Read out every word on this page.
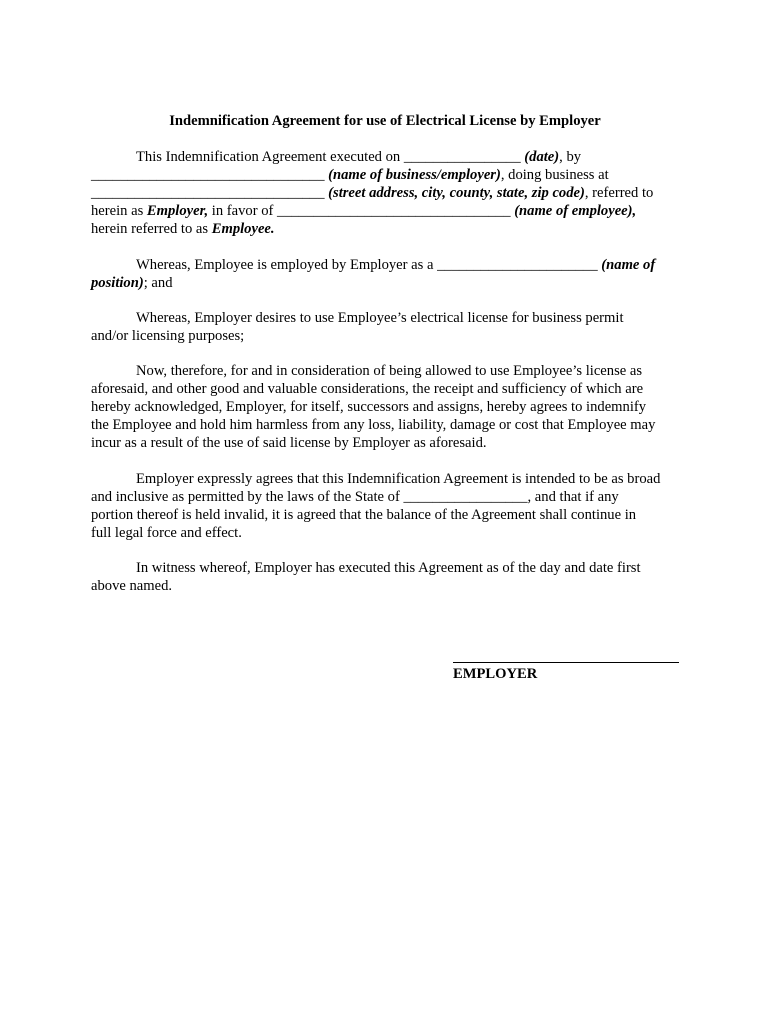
Indemnification Agreement for use of Electrical License by Employer
This Indemnification Agreement executed on ________________ (date), by
________________________________ (name of business/employer), doing business at
________________________________ (street address, city, county, state, zip code), referred to
herein as Employer, in favor of ________________________________ (name of employee),
herein referred to as Employee.
Whereas, Employee is employed by Employer as a ______________________ (name of
position); and
Whereas, Employer desires to use Employee’s electrical license for business permit
and/or licensing purposes;
Now, therefore, for and in consideration of being allowed to use Employee’s license as
aforesaid, and other good and valuable considerations, the receipt and sufficiency of which are
hereby acknowledged, Employer, for itself, successors and assigns, hereby agrees to indemnify
the Employee and hold him harmless from any loss, liability, damage or cost that Employee may
incur as a result of the use of said license by Employer as aforesaid.
Employer expressly agrees that this Indemnification Agreement is intended to be as broad
and inclusive as permitted by the laws of the State of _________________, and that if any
portion thereof is held invalid, it is agreed that the balance of the Agreement shall continue in
full legal force and effect.
In witness whereof, Employer has executed this Agreement as of the day and date first
above named.
EMPLOYER
